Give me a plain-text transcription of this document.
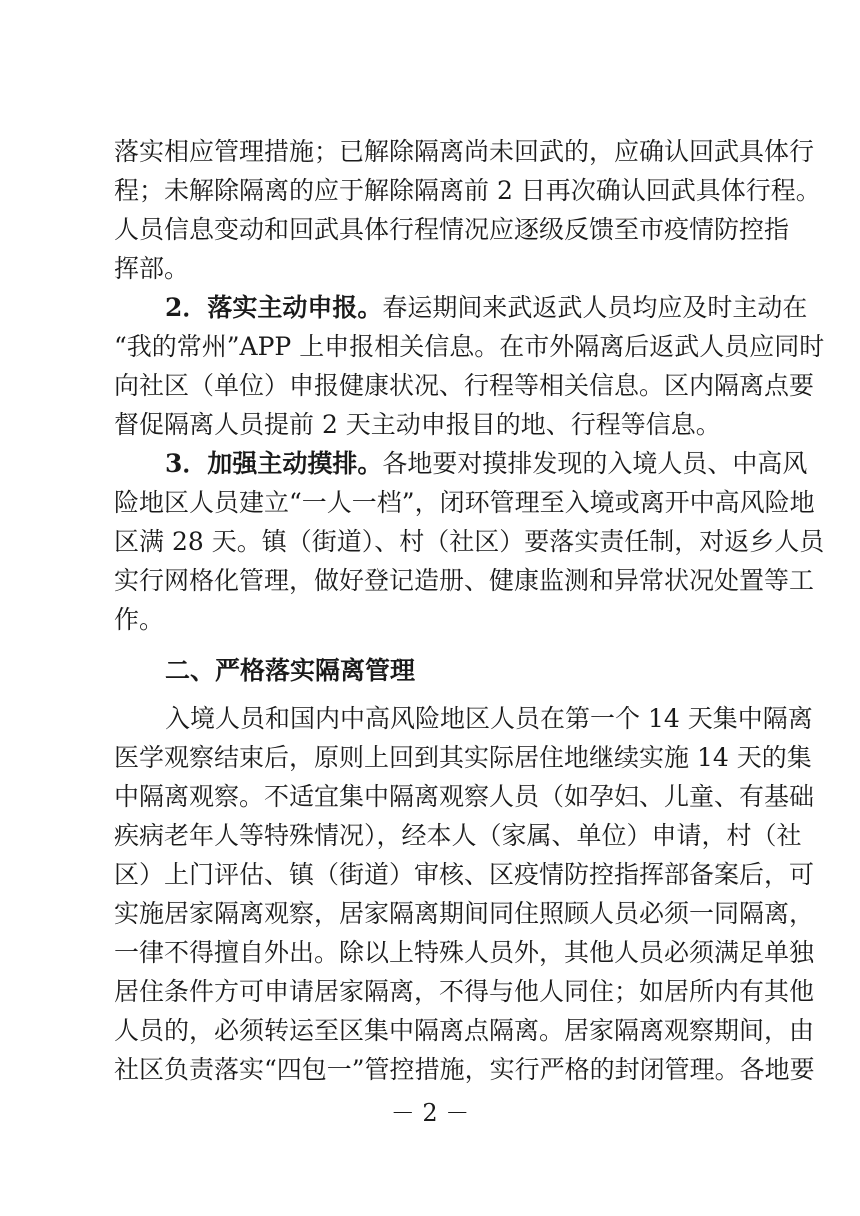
落实相应管理措施；已解除隔离尚未回武的，应确认回武具体行
程；未解除隔离的应于解除隔离前 2 日再次确认回武具体行程。
人员信息变动和回武具体行程情况应逐级反馈至市疫情防控指
挥部。
2．落实主动申报。春运期间来武返武人员均应及时主动在
“我的常州”APP 上申报相关信息。在市外隔离后返武人员应同时
向社区（单位）申报健康状况、行程等相关信息。区内隔离点要
督促隔离人员提前 2 天主动申报目的地、行程等信息。
3．加强主动摸排。各地要对摸排发现的入境人员、中高风
险地区人员建立“一人一档”，闭环管理至入境或离开中高风险地
区满 28 天。镇（街道）、村（社区）要落实责任制，对返乡人员
实行网格化管理，做好登记造册、健康监测和异常状况处置等工
作。
二、严格落实隔离管理
入境人员和国内中高风险地区人员在第一个 14 天集中隔离
医学观察结束后，原则上回到其实际居住地继续实施 14 天的集
中隔离观察。不适宜集中隔离观察人员（如孕妇、儿童、有基础
疾病老年人等特殊情况），经本人（家属、单位）申请，村（社
区）上门评估、镇（街道）审核、区疫情防控指挥部备案后，可
实施居家隔离观察，居家隔离期间同住照顾人员必须一同隔离，
一律不得擅自外出。除以上特殊人员外，其他人员必须满足单独
居住条件方可申请居家隔离，不得与他人同住；如居所内有其他
人员的，必须转运至区集中隔离点隔离。居家隔离观察期间，由
社区负责落实“四包一”管控措施，实行严格的封闭管理。各地要
－ 2 －
